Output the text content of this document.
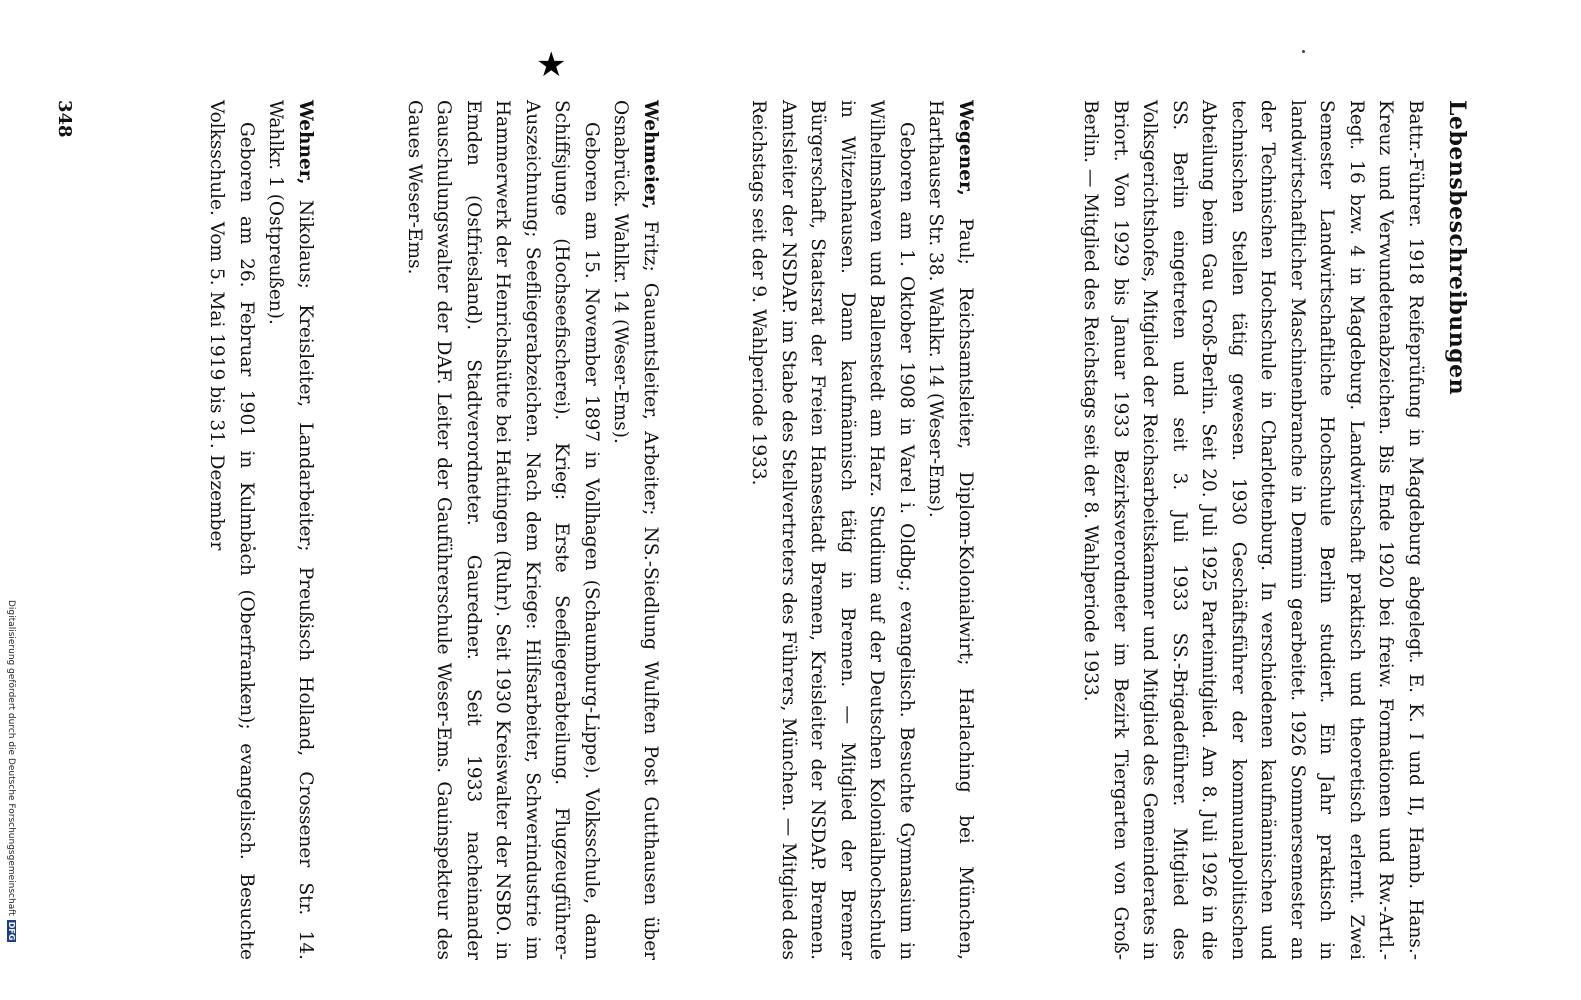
★
Lebensbeschreibungen

Battr.-Führer. 1918 Reifeprüfung in Magdeburg abgelegt. E. K. I und II, Hamb. Hans.-Kreuz und Verwundetenabzeichen. Bis Ende 1920 bei freiw. Formationen und Rw.-Artl.-Regt. 16 bzw. 4 in Magdeburg. Landwirtschaft praktisch und theoretisch erlernt. Zwei Semester Landwirtschaftliche Hochschule Berlin studiert. Ein Jahr praktisch in landwirtschaftlicher Maschinenbranche in Demmin gearbeitet. 1926 Sommersemester an der Technischen Hochschule in Charlottenburg. In verschiedenen kaufmännischen und technischen Stellen tätig gewesen. 1930 Geschäftsführer der kommunalpolitischen Abteilung beim Gau Groß-Berlin. Seit 20. Juli 1925 Parteimitglied. Am 8. Juli 1926 in die SS. Berlin eingetreten und seit 3. Juli 1933 SS.-Brigadeführer. Mitglied des Volksgerichtshofes, Mitglied der Reichsarbeitskammer und Mitglied des Gemeinderates in Briort. Von 1929 bis Januar 1933 Bezirksverordneter im Bezirk Tiergarten von Groß-Berlin. — Mitglied des Reichstags seit der 8. Wahlperiode 1933.

Wegener, Paul; Reichsamtsleiter, Diplom-Kolonialwirt; Harlaching bei München, Harthauser Str. 38. Wahlkr. 14 (Weser-Ems).

Geboren am 1. Oktober 1908 in Varel i. Oldbg.; evangelisch. Besuchte Gymnasium in Wilhelmshaven und Ballenstedt am Harz. Studium auf der Deutschen Kolonialhochschule in Witzenhausen. Dann kaufmännisch tätig in Bremen. — Mitglied der Bremer Bürgerschaft, Staatsrat der Freien Hansestadt Bremen, Kreisleiter der NSDAP. Bremen. Amtsleiter der NSDAP. im Stabe des Stellvertreters des Führers, München. — Mitglied des Reichstags seit der 9. Wahlperiode 1933.

Wehmeier, Fritz; Gauamtsleiter, Arbeiter; NS.-Siedlung Wulften Post Gutthausen über Osnabrück. Wahlkr. 14 (Weser-Ems).

Geboren am 15. November 1897 in Vollhagen (Schaumburg-Lippe). Volksschule, dann Schiffsjunge (Hochseefischerei). Krieg: Erste Seefliegerabteilung. Flugzeugführer-Auszeichnung; Seefliegerabzeichen. Nach dem Kriege: Hilfsarbeiter, Schwerindustrie im Hammerwerk der Henrichshütte bei Hattingen (Ruhr). Seit 1930 Kreiswalter der NSBO. in Emden (Ostfriesland). Stadtverordneter. Gauredner. Seit 1933 nacheinander Gauschulungswalter der DAF. Leiter der Gauführerschule Weser-Ems. Gauinspekteur des Gaues Weser-Ems.

Wehner, Nikolaus; Kreisleiter, Landarbeiter; Preußisch Holland, Crossener Str. 14. Wahlkr. 1 (Ostpreußen).

Geboren am 26. Februar 1901 in Kulmbach (Oberfranken); evangelisch. Besuchte Volksschule. Vom 5. Mai 1919 bis 31. Dezember

348
Digitalisierung gefördert durch die Deutsche ForschungsgemeinschaftDFG
